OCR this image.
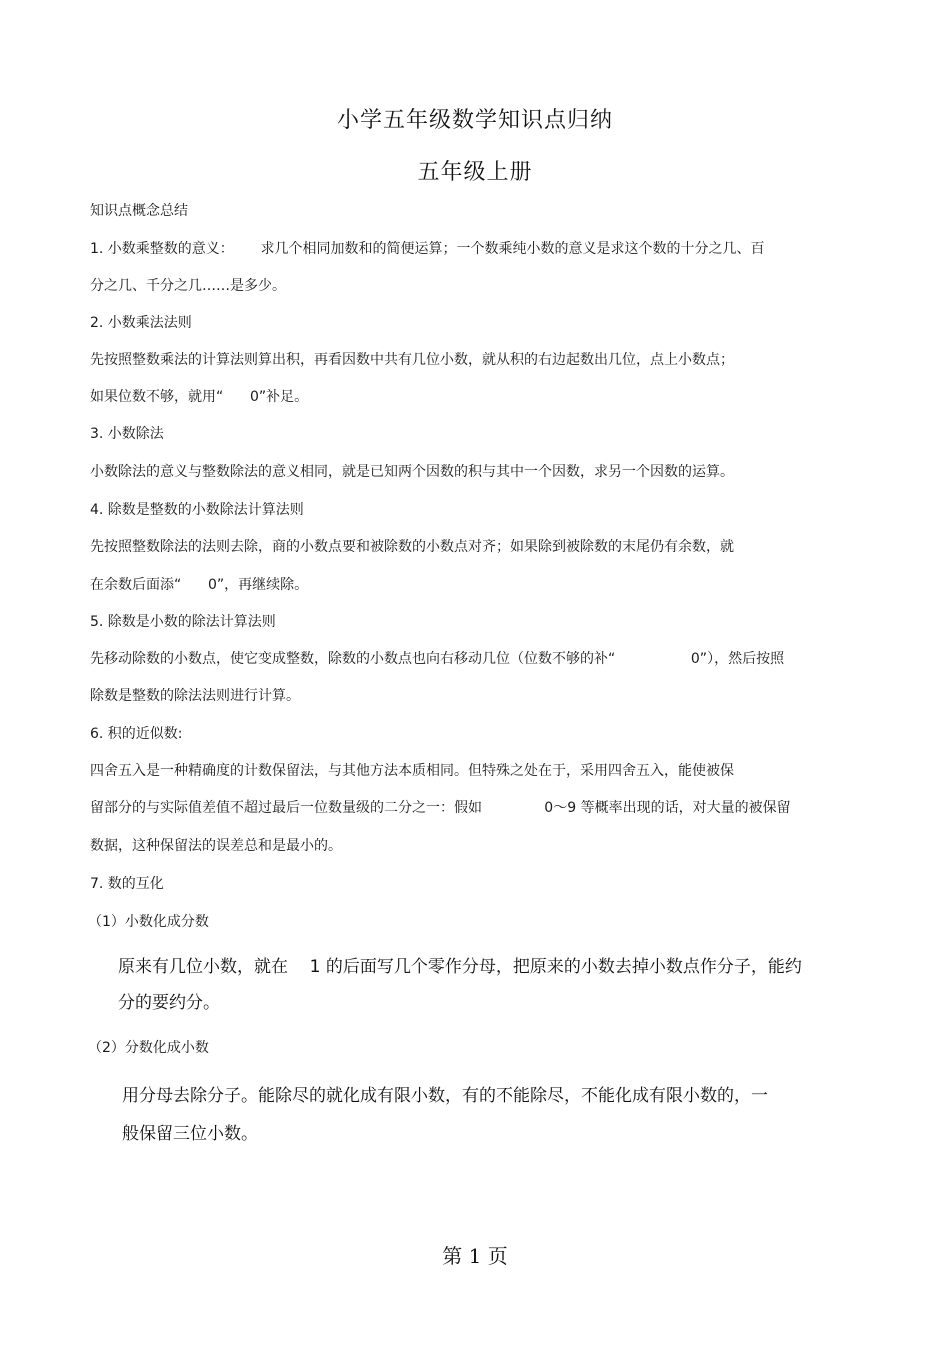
小学五年级数学知识点归纳
五年级上册
知识点概念总结
1. 小数乘整数的意义：      求几个相同加数和的简便运算；一个数乘纯小数的意义是求这个数的十分之几、百
分之几、千分之几……是多少。
2. 小数乘法法则
先按照整数乘法的计算法则算出积，再看因数中共有几位小数，就从积的右边起数出几位，点上小数点；
如果位数不够，就用“      0”补足。
3. 小数除法
小数除法的意义与整数除法的意义相同，就是已知两个因数的积与其中一个因数，求另一个因数的运算。
4. 除数是整数的小数除法计算法则
先按照整数除法的法则去除，商的小数点要和被除数的小数点对齐；如果除到被除数的末尾仍有余数，就
在余数后面添“      0”，再继续除。
5. 除数是小数的除法计算法则
先移动除数的小数点，使它变成整数，除数的小数点也向右移动几位（位数不够的补“                 0”），然后按照
除数是整数的除法法则进行计算。
6. 积的近似数:
四舍五入是一种精确度的计数保留法，与其他方法本质相同。但特殊之处在于，采用四舍五入，能使被保
留部分的与实际值差值不超过最后一位数量级的二分之一：假如              0～9 等概率出现的话，对大量的被保留
数据，这种保留法的误差总和是最小的。
7. 数的互化
（1）小数化成分数
原来有几位小数，就在    1 的后面写几个零作分母，把原来的小数去掉小数点作分子，能约
分的要约分。
（2）分数化成小数
用分母去除分子。能除尽的就化成有限小数，有的不能除尽，不能化成有限小数的，一
般保留三位小数。
第 1 页
